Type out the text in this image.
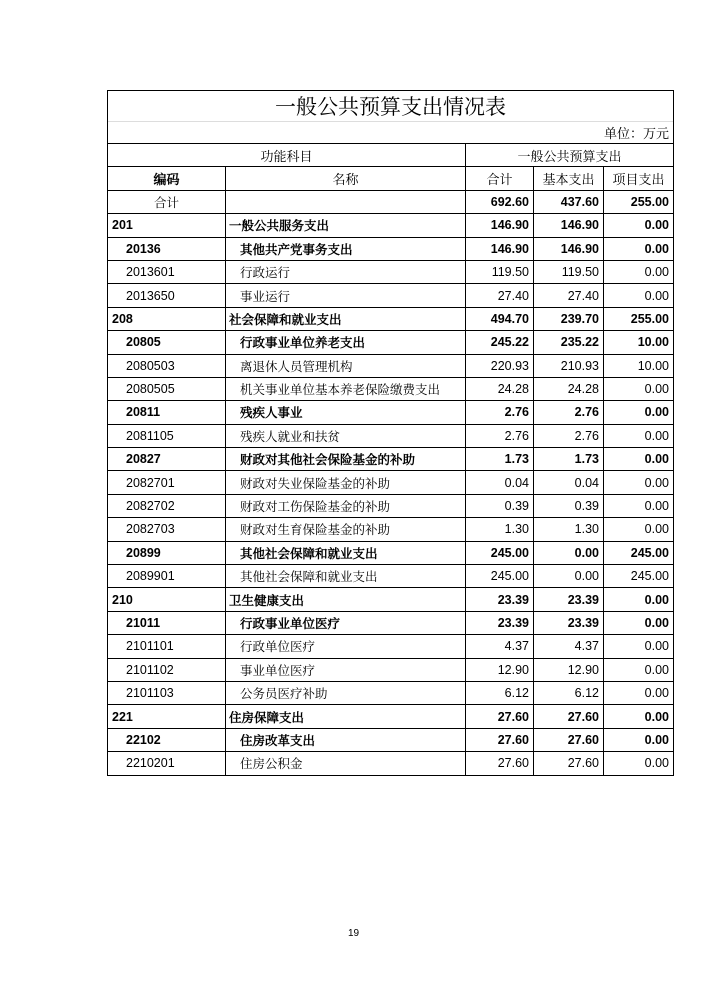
一般公共预算支出情况表				
单位：万元				
功能科目		一般公共预算支出		
编码	名称	合计	基本支出	项目支出
合计		692.60	437.60	255.00
201	一般公共服务支出	146.90	146.90	0.00
20136	其他共产党事务支出	146.90	146.90	0.00
2013601	行政运行	119.50	119.50	0.00
2013650	事业运行	27.40	27.40	0.00
208	社会保障和就业支出	494.70	239.70	255.00
20805	行政事业单位养老支出	245.22	235.22	10.00
2080503	离退休人员管理机构	220.93	210.93	10.00
2080505	机关事业单位基本养老保险缴费支出	24.28	24.28	0.00
20811	残疾人事业	2.76	2.76	0.00
2081105	残疾人就业和扶贫	2.76	2.76	0.00
20827	财政对其他社会保险基金的补助	1.73	1.73	0.00
2082701	财政对失业保险基金的补助	0.04	0.04	0.00
2082702	财政对工伤保险基金的补助	0.39	0.39	0.00
2082703	财政对生育保险基金的补助	1.30	1.30	0.00
20899	其他社会保障和就业支出	245.00	0.00	245.00
2089901	其他社会保障和就业支出	245.00	0.00	245.00
210	卫生健康支出	23.39	23.39	0.00
21011	行政事业单位医疗	23.39	23.39	0.00
2101101	行政单位医疗	4.37	4.37	0.00
2101102	事业单位医疗	12.90	12.90	0.00
2101103	公务员医疗补助	6.12	6.12	0.00
221	住房保障支出	27.60	27.60	0.00
22102	住房改革支出	27.60	27.60	0.00
2210201	住房公积金	27.60	27.60	0.00
19
